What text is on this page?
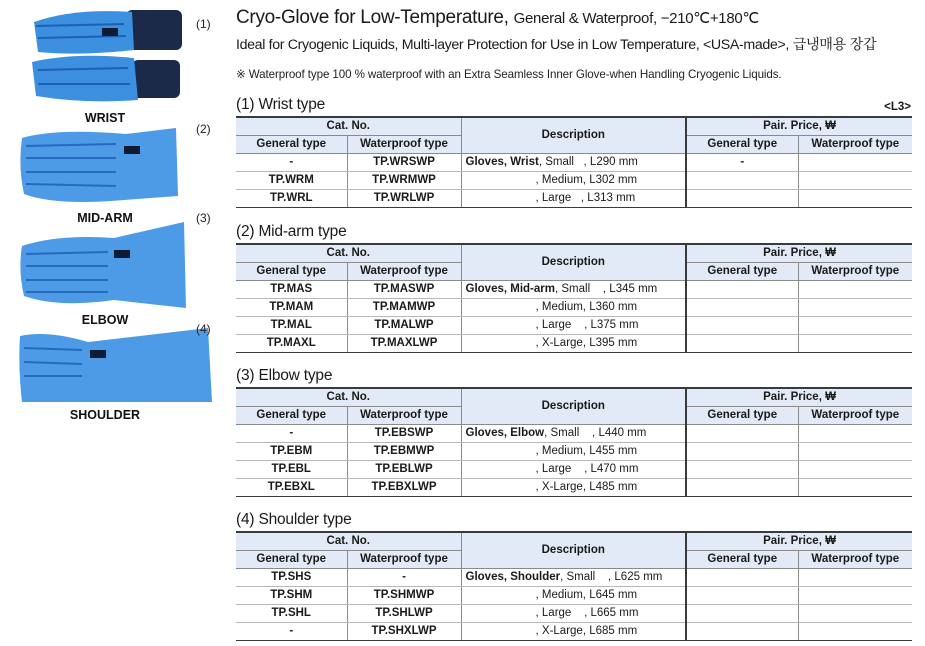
(1)
WRIST
(2)
MID-ARM	(3)
ELBOW
(4)
SHOULDER
Cryo-Glove for Low-Temperature, General & Waterproof, −210℃+180℃
Ideal for Cryogenic Liquids, Multi-layer Protection for Use in Low Temperature, <USA-made>, 급냉매용 장갑
※ Waterproof type 100 % waterproof with an Extra Seamless Inner Glove-when Handling Cryogenic Liquids.
<L3>
(1) Wrist type
Cat. No.		Description	Pair. Price, ₩	
General type	Waterproof type		General type	Waterproof type
-	TP.WRSWP	Gloves, Wrist, Small   , L290 mm	-	
TP.WRM	TP.WRMWP	, Medium, L302 mm		
TP.WRL	TP.WRLWP	, Large   , L313 mm		
(2) Mid-arm type
Cat. No.		Description	Pair. Price, ₩	
General type	Waterproof type		General type	Waterproof type
TP.MAS	TP.MASWP	Gloves, Mid-arm, Small    , L345 mm		
TP.MAM	TP.MAMWP	, Medium, L360 mm		
TP.MAL	TP.MALWP	, Large    , L375 mm		
TP.MAXL	TP.MAXLWP	, X-Large, L395 mm		
(3) Elbow type
Cat. No.		Description	Pair. Price, ₩	
General type	Waterproof type		General type	Waterproof type
-	TP.EBSWP	Gloves, Elbow, Small    , L440 mm		
TP.EBM	TP.EBMWP	, Medium, L455 mm		
TP.EBL	TP.EBLWP	, Large    , L470 mm		
TP.EBXL	TP.EBXLWP	, X-Large, L485 mm		
(4) Shoulder type
Cat. No.		Description	Pair. Price, ₩	
General type	Waterproof type		General type	Waterproof type
TP.SHS	-	Gloves, Shoulder, Small    , L625 mm		
TP.SHM	TP.SHMWP	, Medium, L645 mm		
TP.SHL	TP.SHLWP	, Large    , L665 mm		
-	TP.SHXLWP	, X-Large, L685 mm		
